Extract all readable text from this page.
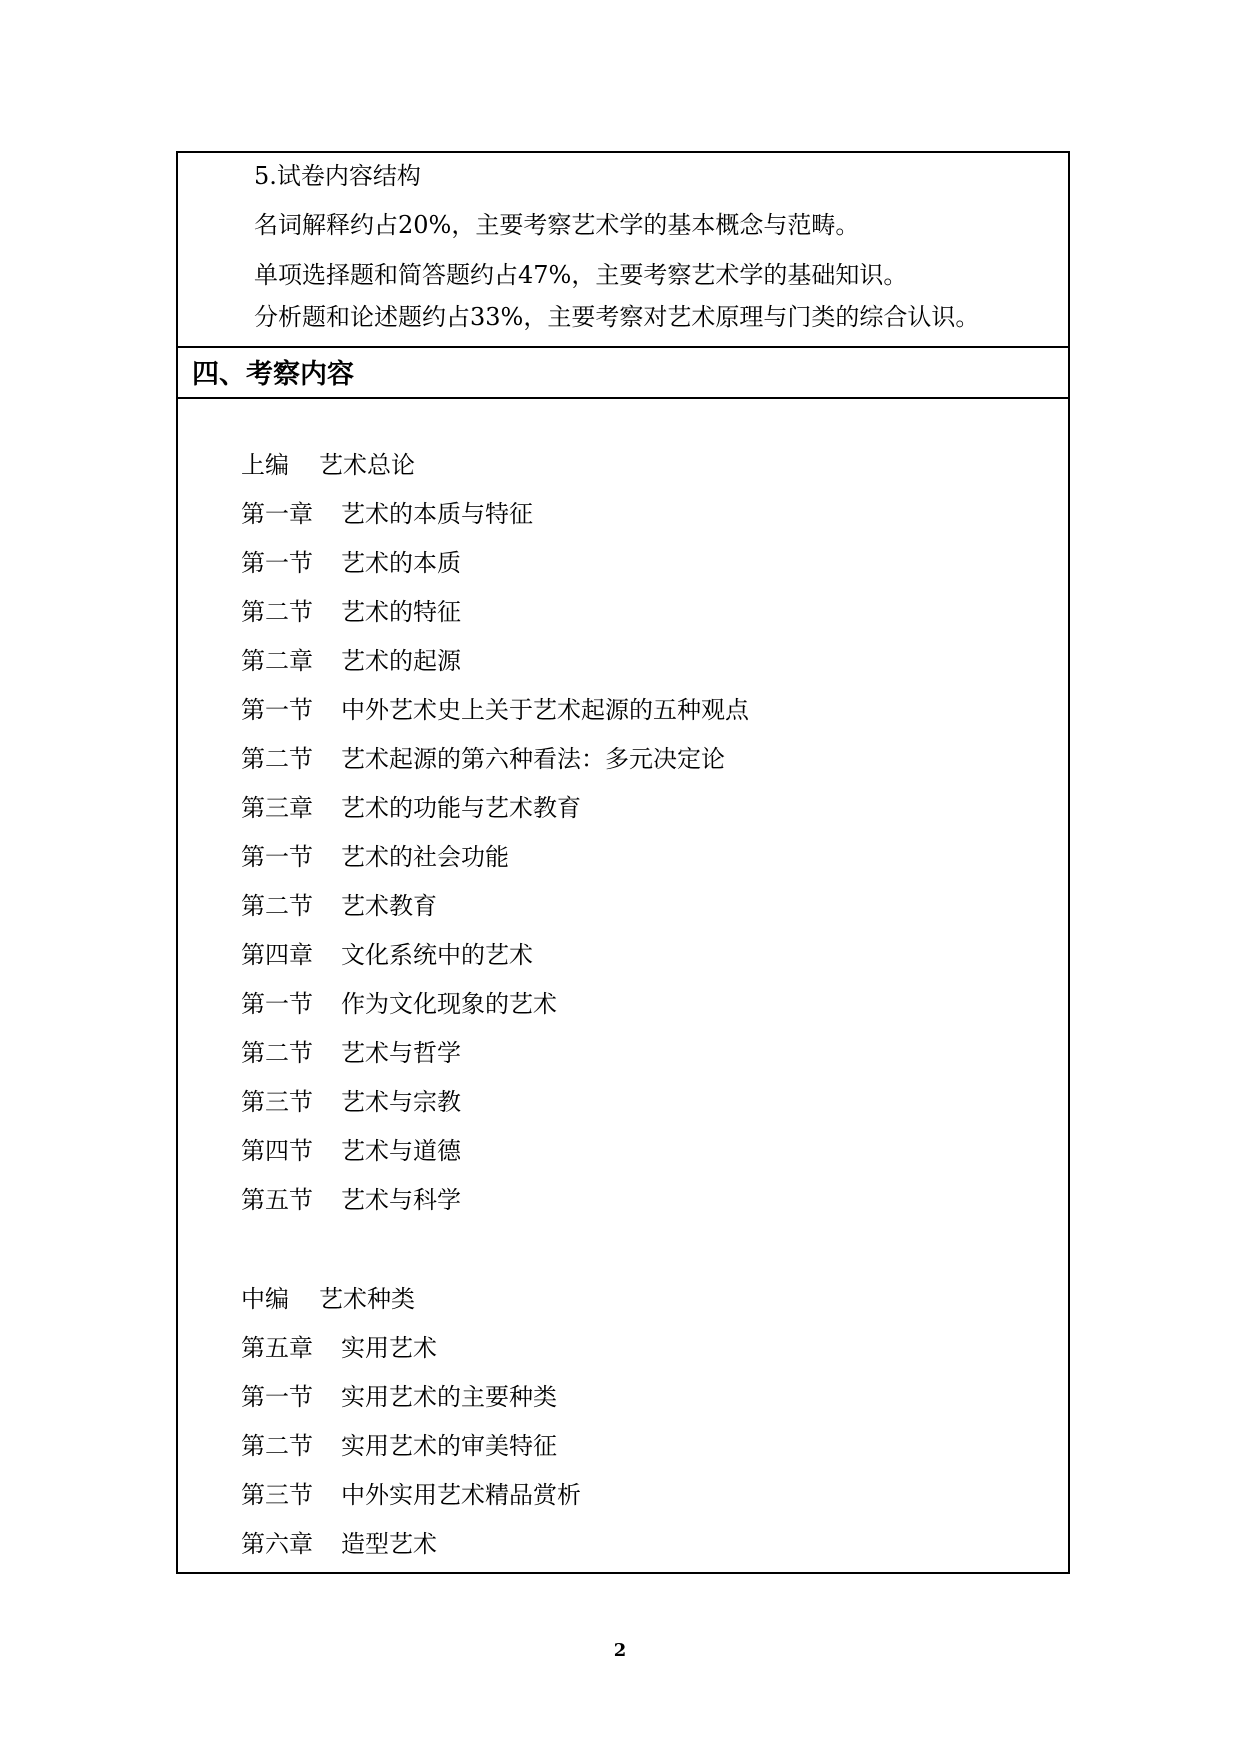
5.试卷内容结构
名词解释约占20%，主要考察艺术学的基本概念与范畴。
单项选择题和简答题约占47%，主要考察艺术学的基础知识。
分析题和论述题约占33%，主要考察对艺术原理与门类的综合认识。
四、考察内容
上编 艺术总论
第一章 艺术的本质与特征
第一节 艺术的本质
第二节 艺术的特征
第二章 艺术的起源
第一节 中外艺术史上关于艺术起源的五种观点
第二节 艺术起源的第六种看法：多元决定论
第三章 艺术的功能与艺术教育
第一节 艺术的社会功能
第二节 艺术教育
第四章 文化系统中的艺术
第一节 作为文化现象的艺术
第二节 艺术与哲学
第三节 艺术与宗教
第四节 艺术与道德
第五节 艺术与科学
中编 艺术种类
第五章 实用艺术
第一节 实用艺术的主要种类
第二节 实用艺术的审美特征
第三节 中外实用艺术精品赏析
第六章 造型艺术
2
